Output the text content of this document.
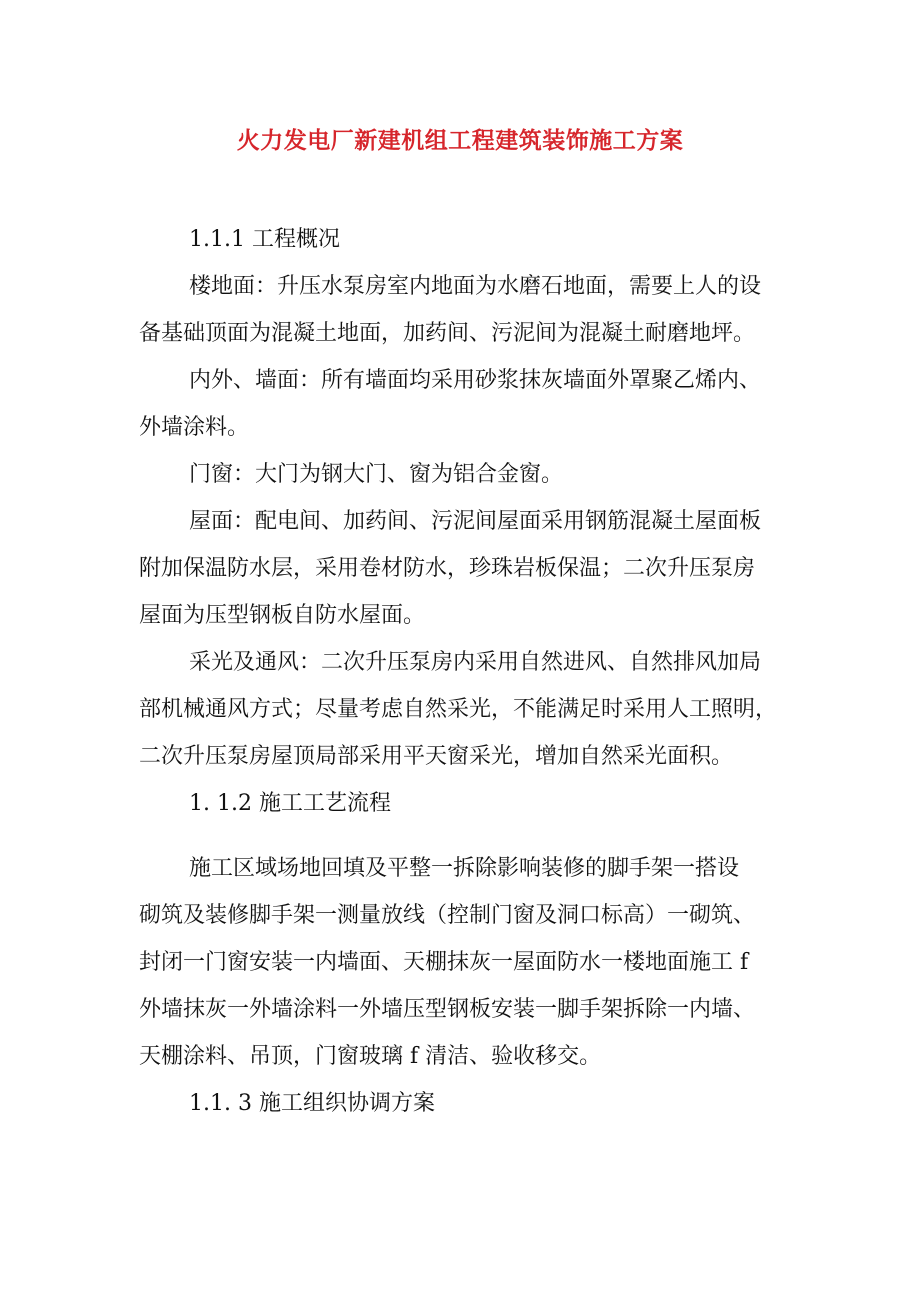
火力发电厂新建机组工程建筑装饰施工方案
1.1.1 工程概况
楼地面：升压水泵房室内地面为水磨石地面，需要上人的设
备基础顶面为混凝土地面，加药间、污泥间为混凝土耐磨地坪。
内外、墙面：所有墙面均采用砂浆抹灰墙面外罩聚乙烯内、
外墙涂料。
门窗：大门为钢大门、窗为铝合金窗。
屋面：配电间、加药间、污泥间屋面采用钢筋混凝土屋面板
附加保温防水层，采用卷材防水，珍珠岩板保温；二次升压泵房
屋面为压型钢板自防水屋面。
采光及通风：二次升压泵房内采用自然进风、自然排风加局
部机械通风方式；尽量考虑自然采光，不能满足时采用人工照明，
二次升压泵房屋顶局部采用平天窗采光，增加自然采光面积。
1. 1.2 施工工艺流程
施工区域场地回填及平整一拆除影响装修的脚手架一搭设
砌筑及装修脚手架一测量放线（控制门窗及洞口标高）一砌筑、
封闭一门窗安装一内墙面、天棚抹灰一屋面防水一楼地面施工 f
外墙抹灰一外墙涂料一外墙压型钢板安装一脚手架拆除一内墙、
天棚涂料、吊顶，门窗玻璃 f 清洁、验收移交。
1.1. 3 施工组织协调方案
